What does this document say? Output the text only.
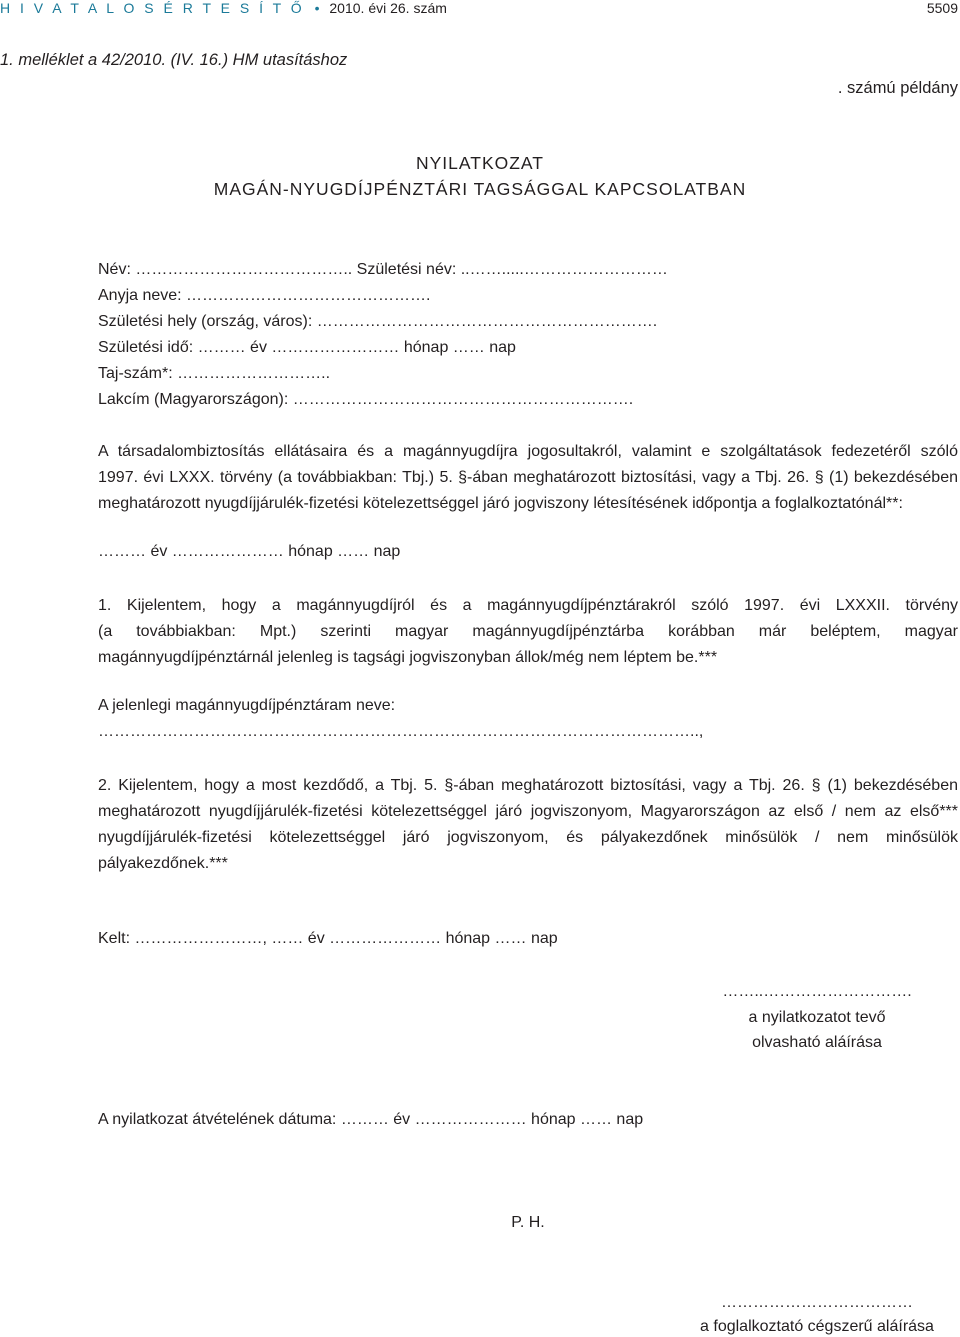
H I V A T A L O S É R T E S Í T Ő • 2010. évi 26. szám	5509
1. melléklet a 42/2010. (IV. 16.) HM utasításhoz
. számú példány
NYILATKOZAT
MAGÁN-NYUGDÍJPÉNZTÁRI TAGSÁGGAL KAPCSOLATBAN
Név: ………………………………….. Születési név: ..…….....………………………
Anyja neve: ……………………………………….
Születési hely (ország, város): ……………………………………………………….
Születési idő: ……… év …………………… hónap …… nap
Taj-szám*: ………………………..
Lakcím (Magyarországon): ……………………………………………………….
A társadalombiztosítás ellátásaira és a magánnyugdíjra jogosultakról, valamint e szolgáltatások fedezetéről szóló
1997. évi LXXX. törvény (a továbbiakban: Tbj.) 5. §-ában meghatározott biztosítási, vagy a Tbj. 26. § (1) bekezdésében
meghatározott nyugdíjjárulék-fizetési kötelezettséggel járó jogviszony létesítésének időpontja a foglalkoztatónál**:
……… év ………………… hónap …… nap
1. Kijelentem, hogy a magánnyugdíjról és a magánnyugdíjpénztárakról szóló 1997. évi LXXXII. törvény
(a továbbiakban: Mpt.) szerinti magyar magánnyugdíjpénztárba korábban már beléptem, magyar
magánnyugdíjpénztárnál jelenleg is tagsági jogviszonyban állok/még nem léptem be.***
A jelenlegi magánnyugdíjpénztáram neve:
…………………………………………………………………………………………………..,
2. Kijelentem, hogy a most kezdődő, a Tbj. 5. §-ában meghatározott biztosítási, vagy a Tbj. 26. § (1) bekezdésében
meghatározott nyugdíjjárulék-fizetési kötelezettséggel járó jogviszonyom, Magyarországon az első / nem az első***
nyugdíjjárulék-fizetési kötelezettséggel járó jogviszonyom, és pályakezdőnek minősülök / nem minősülök
pályakezdőnek.***
Kelt: ……………………, …… év ………………… hónap …… nap
……..……………………….
a nyilatkozatot tevő
olvasható aláírása
A nyilatkozat átvételének dátuma: ……… év ………………… hónap …… nap
P. H.
………………………………
a foglalkoztató cégszerű aláírása
